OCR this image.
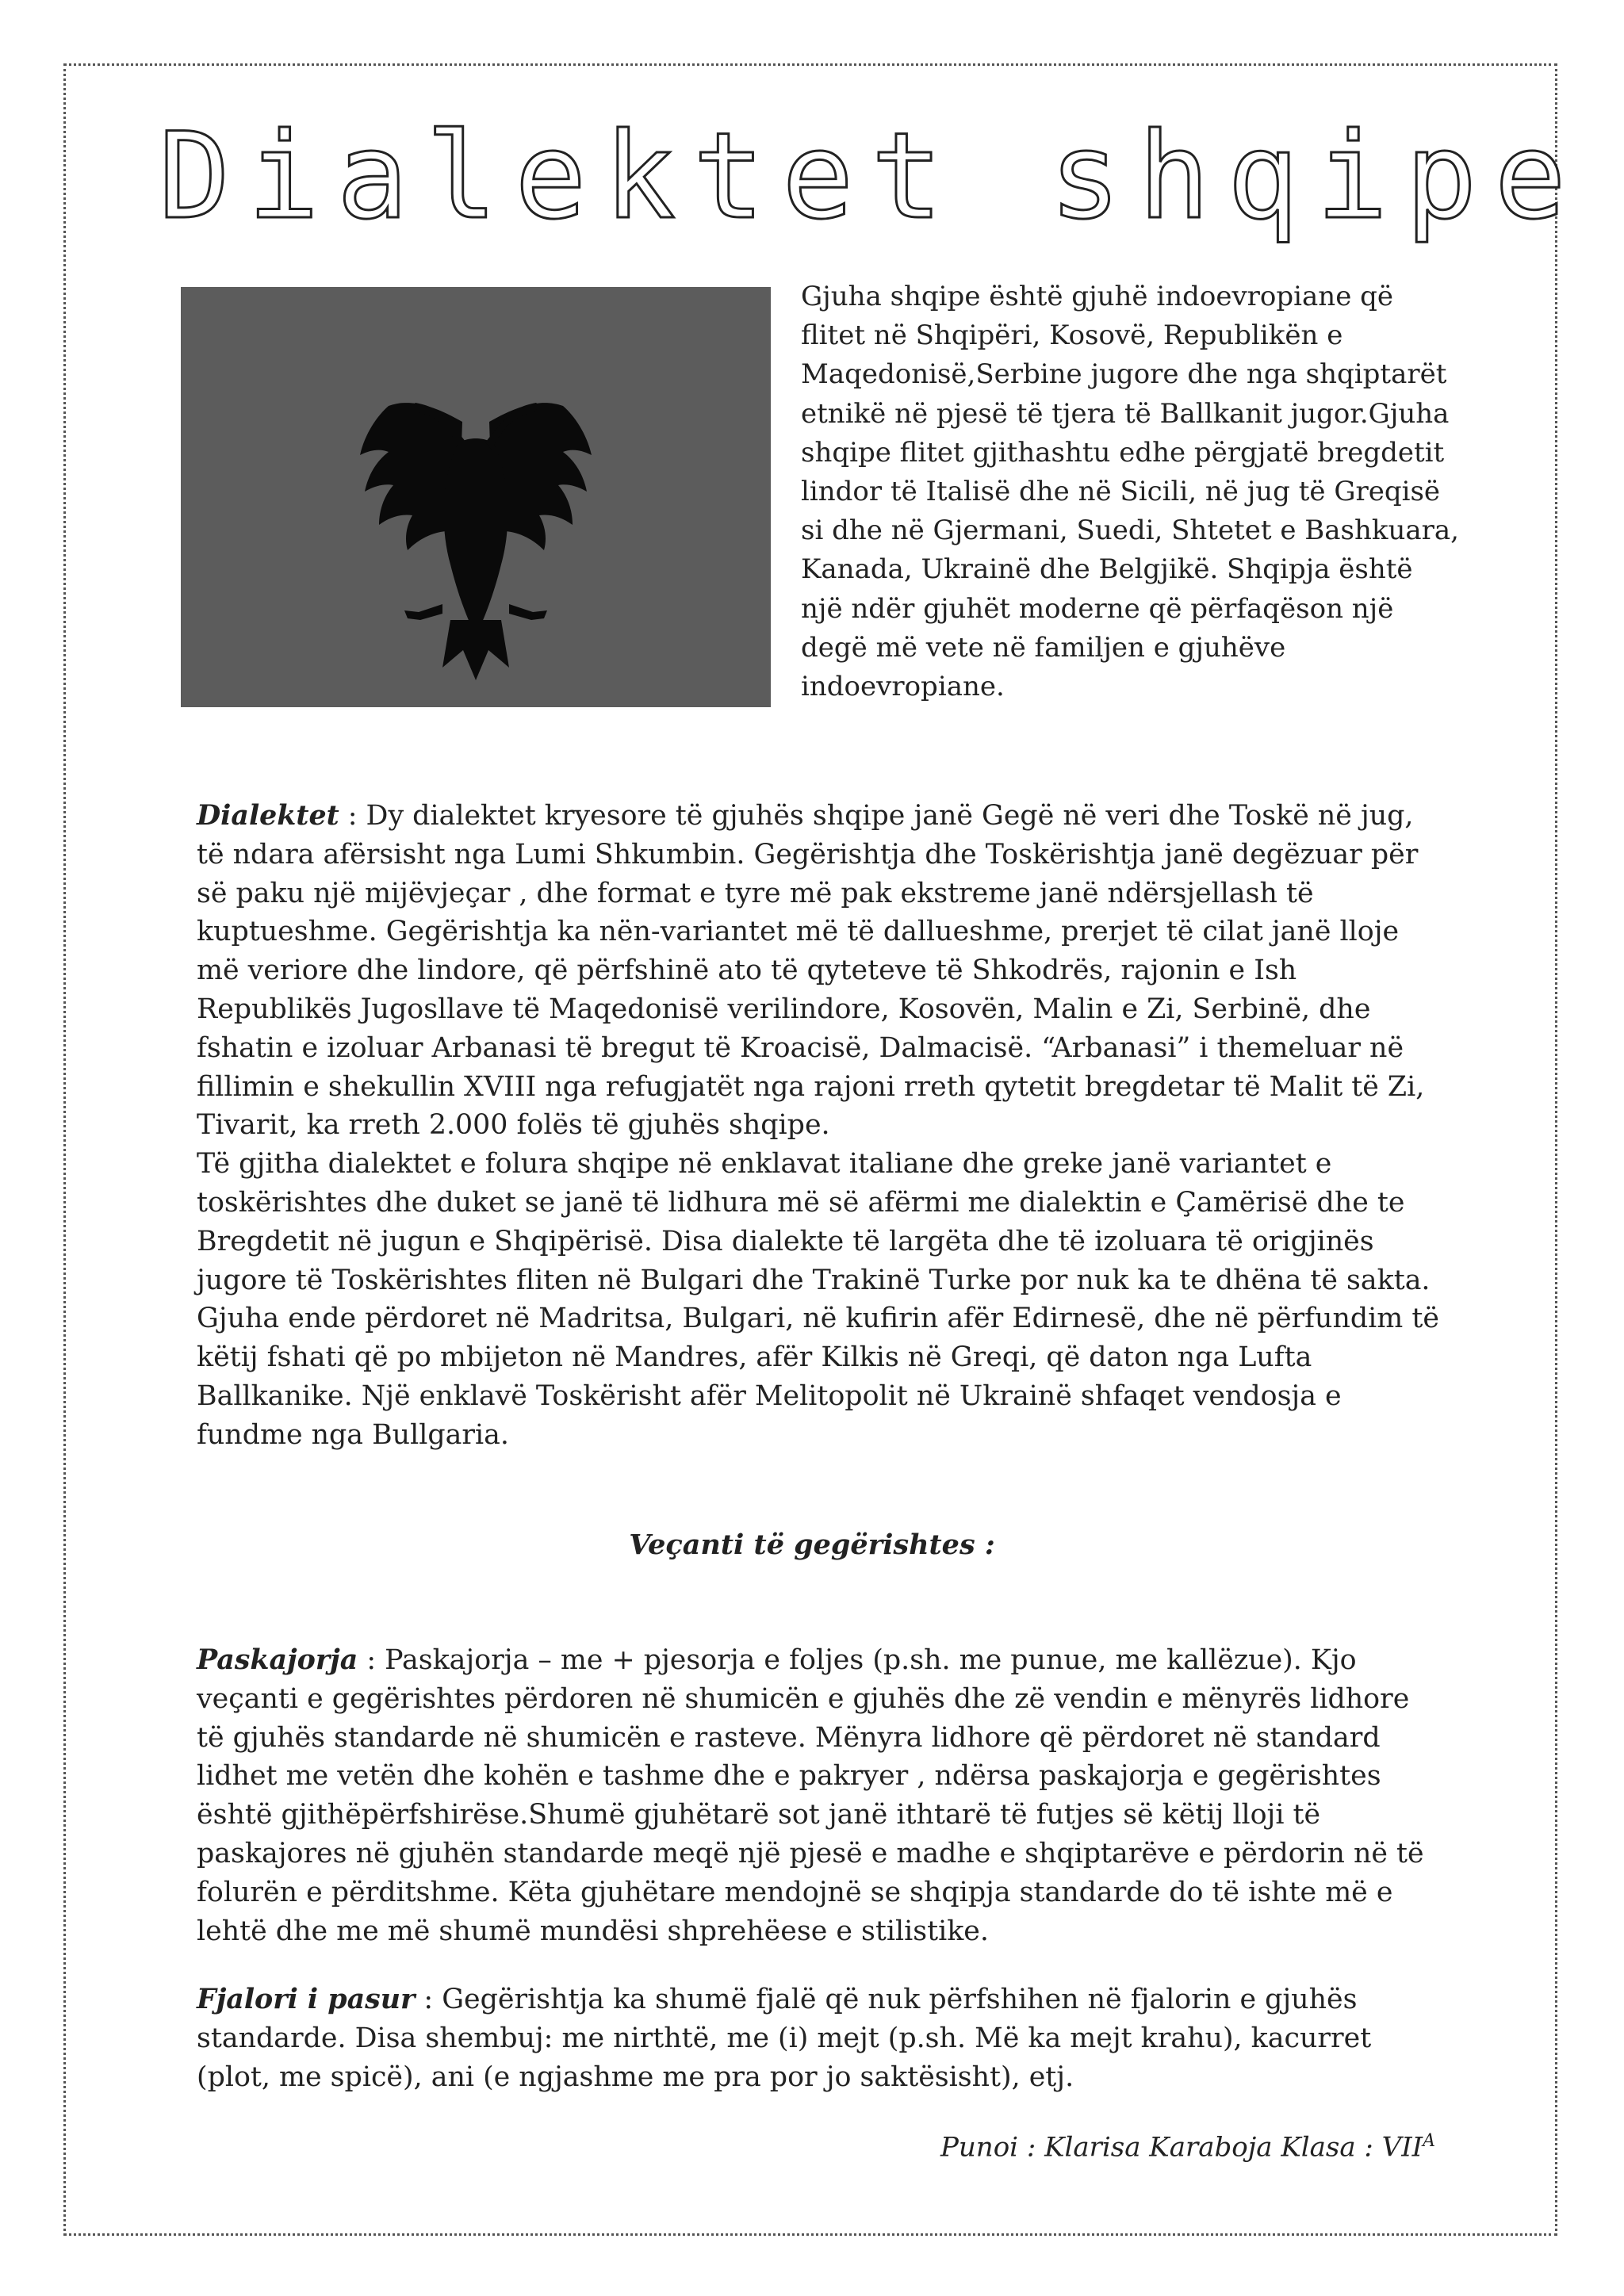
Dialektet shqipe

Gjuha shqipe është gjuhë indoevropiane që flitet në Shqipëri, Kosovë, Republikën e Maqedonisë,Serbine jugore dhe nga shqiptarët etnikë në pjesë të tjera të Ballkanit jugor.Gjuha shqipe flitet gjithashtu edhe përgjatë bregdetit lindor të Italisë dhe në Sicili, në jug të Greqisë si dhe në Gjermani, Suedi, Shtetet e Bashkuara, Kanada, Ukrainë dhe Belgjikë. Shqipja është një ndër gjuhët moderne që përfaqëson një degë më vete në familjen e gjuhëve indoevropiane.

Dialektet : Dy dialektet kryesore të gjuhës shqipe janë Gegë në veri dhe Toskë në jug, të ndara afërsisht nga Lumi Shkumbin. Gegërishtja dhe Toskërishtja janë degëzuar për së paku një mijëvjeçar , dhe format e tyre më pak ekstreme janë ndërsjellash të kuptueshme. Gegërishtja ka nën-variantet më të dallueshme, prerjet të cilat janë lloje më veriore dhe lindore, që përfshinë ato të qyteteve të Shkodrës, rajonin e Ish Republikës Jugosllave të Maqedonisë verilindore, Kosovën, Malin e Zi, Serbinë, dhe fshatin e izoluar Arbanasi të bregut të Kroacisë, Dalmacisë. “Arbanasi” i themeluar në fillimin e shekullin XVIII nga refugjatët nga rajoni rreth qytetit bregdetar të Malit të Zi, Tivarit, ka rreth 2.000 folës të gjuhës shqipe.
Të gjitha dialektet e folura shqipe në enklavat italiane dhe greke janë variantet e toskërishtes dhe duket se janë të lidhura më së afërmi me dialektin e Çamërisë dhe te Bregdetit në jugun e Shqipërisë. Disa dialekte të largëta dhe të izoluara të origjinës jugore të Toskërishtes fliten në Bulgari dhe Trakinë Turke por nuk ka te dhëna të sakta. Gjuha ende përdoret në Madritsa, Bulgari, në kufirin afër Edirnesë, dhe në përfundim të këtij fshati që po mbijeton në Mandres, afër Kilkis në Greqi, që daton nga Lufta Ballkanike. Një enklavë Toskërisht afër Melitopolit në Ukrainë shfaqet vendosja e fundme nga Bullgaria.

Veçanti të gegërishtes :

Paskajorja : Paskajorja – me + pjesorja e foljes (p.sh. me punue, me kallëzue). Kjo veçanti e gegërishtes përdoren në shumicën e gjuhës dhe zë vendin e mënyrës lidhore të gjuhës standarde në shumicën e rasteve. Mënyra lidhore që përdoret në standard lidhet me vetën dhe kohën e tashme dhe e pakryer , ndërsa paskajorja e gegërishtes është gjithëpërfshirëse.Shumë gjuhëtarë sot janë ithtarë të futjes së këtij lloji të paskajores në gjuhën standarde meqë një pjesë e madhe e shqiptarëve e përdorin në të folurën e përditshme. Këta gjuhëtare mendojnë se shqipja standarde do të ishte më e lehtë dhe me më shumë mundësi shprehëese e stilistike.

Fjalori i pasur : Gegërishtja ka shumë fjalë që nuk përfshihen në fjalorin e gjuhës standarde. Disa shembuj: me nirthtë, me (i) mejt (p.sh. Më ka mejt krahu), kacurret (plot, me spicë), ani (e ngjashme me pra por jo saktësisht), etj.

Punoi : Klarisa Karaboja Klasa : $VII^A$
